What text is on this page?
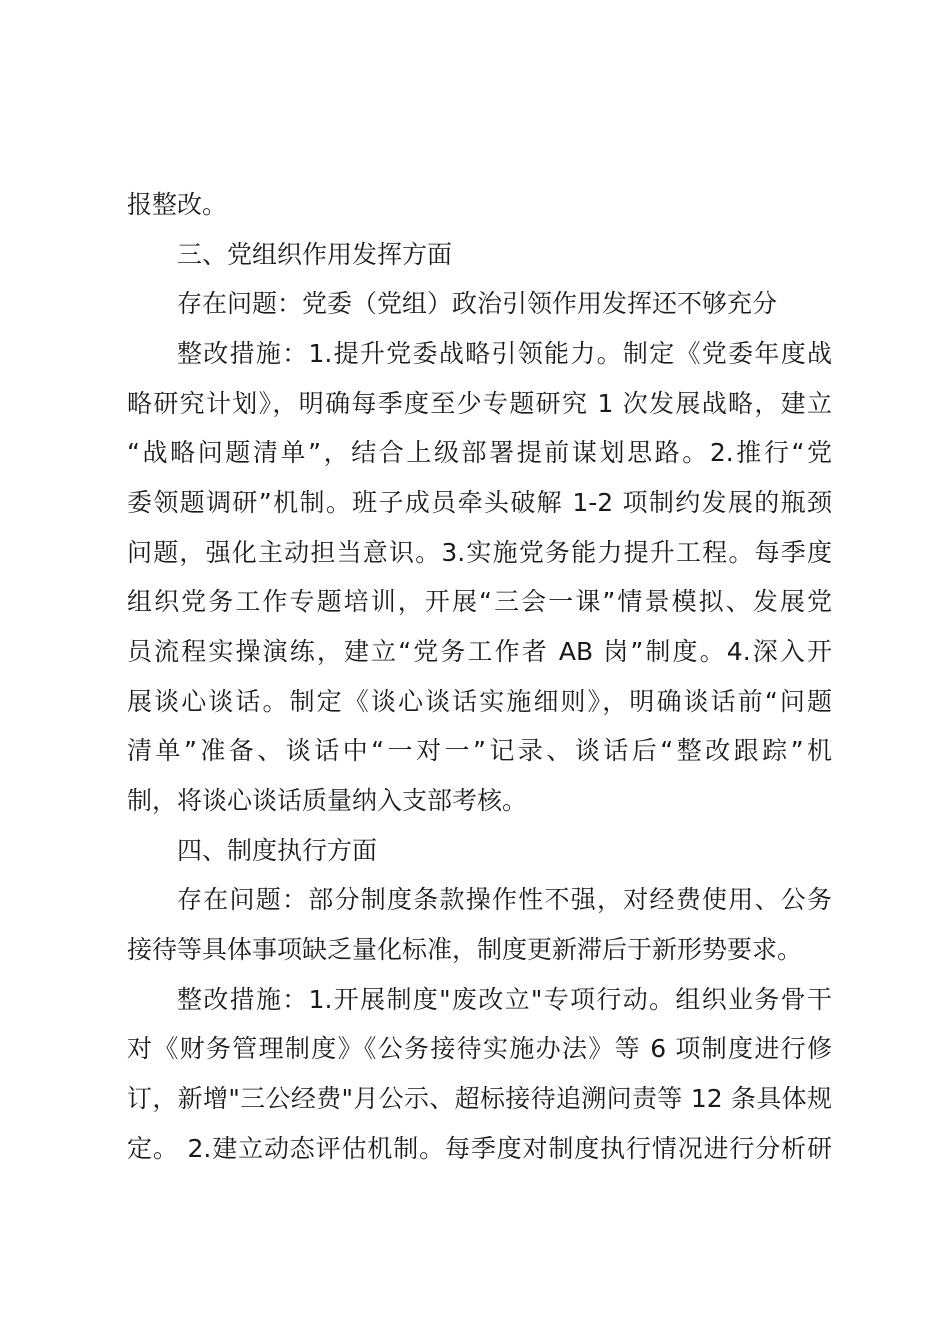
报整改。
三、党组织作用发挥方面
存在问题：党委（党组）政治引领作用发挥还不够充分
整改措施：1.提升党委战略引领能力。制定《党委年度战
略研究计划》，明确每季度至少专题研究 1 次发展战略，建立
“战略问题清单”，结合上级部署提前谋划思路。2.推行“党
委领题调研”机制。班子成员牵头破解 1-2 项制约发展的瓶颈
问题，强化主动担当意识。3.实施党务能力提升工程。每季度
组织党务工作专题培训，开展“三会一课”情景模拟、发展党
员流程实操演练，建立“党务工作者 AB 岗”制度。4.深入开
展谈心谈话。制定《谈心谈话实施细则》，明确谈话前“问题
清单”准备、谈话中“一对一”记录、谈话后“整改跟踪”机
制，将谈心谈话质量纳入支部考核。
四、制度执行方面
存在问题：部分制度条款操作性不强，对经费使用、公务
接待等具体事项缺乏量化标准，制度更新滞后于新形势要求。
整改措施：1.开展制度"废改立"专项行动。组织业务骨干
对《财务管理制度》《公务接待实施办法》等 6 项制度进行修
订，新增"三公经费"月公示、超标接待追溯问责等 12 条具体规
定。 2.建立动态评估机制。每季度对制度执行情况进行分析研
